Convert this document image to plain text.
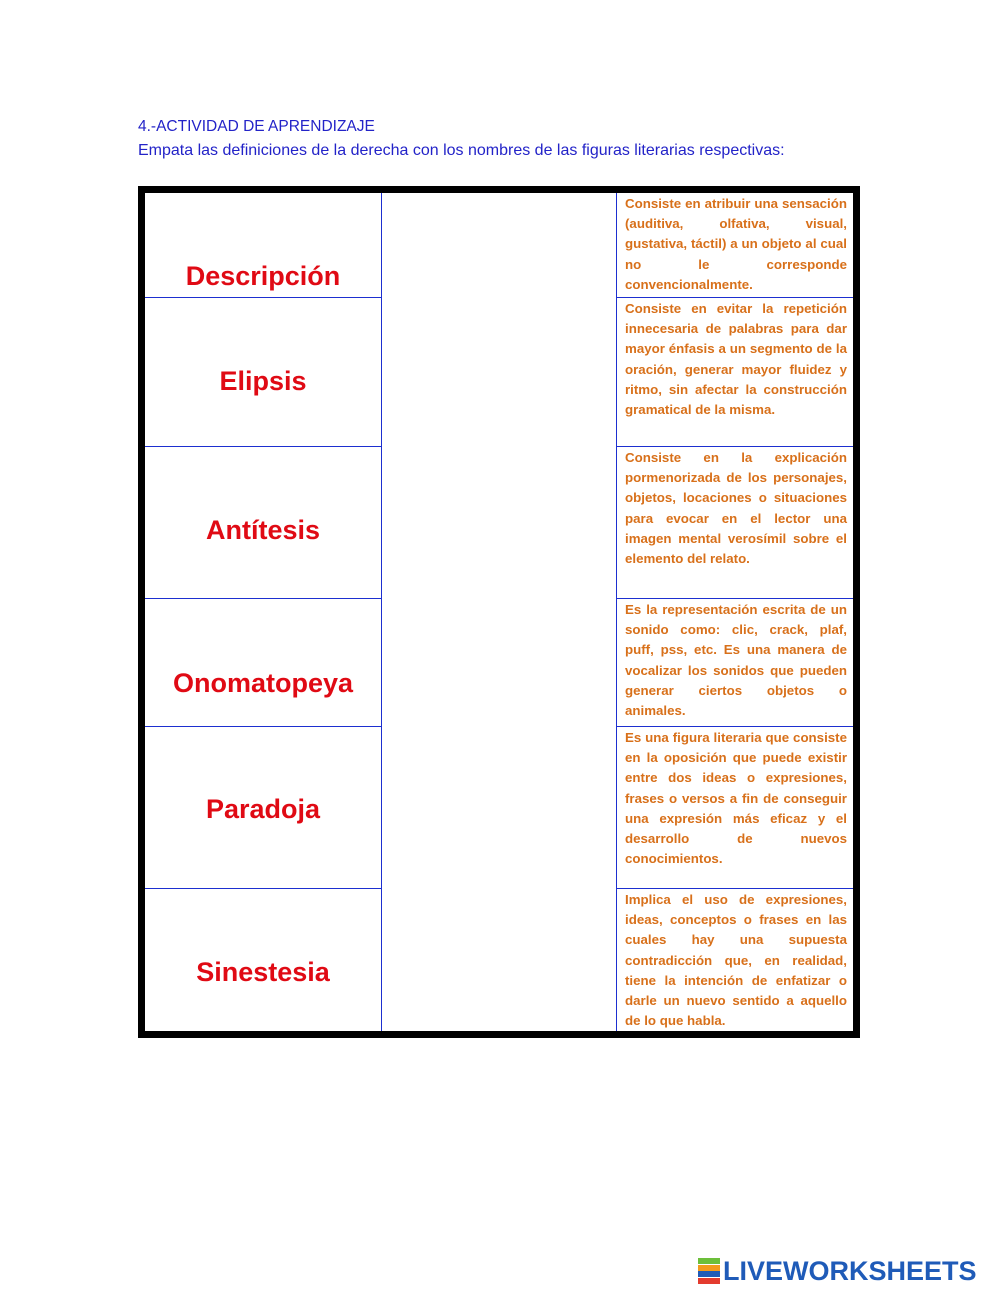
4.-ACTIVIDAD DE APRENDIZAJE
Empata las definiciones de la derecha con los nombres de las figuras literarias respectivas:
Descripción
Elipsis
Antítesis
Onomatopeya
Paradoja
Sinestesia

Consiste en atribuir una sensación (auditiva, olfativa, visual, gustativa, táctil) a un objeto al cual no le corresponde convencionalmente.

Consiste en evitar la repetición innecesaria de palabras para dar mayor énfasis a un segmento de la oración, generar mayor fluidez y ritmo, sin afectar la construcción gramatical de la misma.

Consiste en la explicación pormenorizada de los personajes, objetos, locaciones o situaciones para evocar en el lector una imagen mental verosímil sobre el elemento del relato.

Es la representación escrita de un sonido como: clic, crack, plaf, puff, pss, etc. Es una manera de vocalizar los sonidos que pueden generar ciertos objetos o animales.

Es una figura literaria que consiste en la oposición que puede existir entre dos ideas o expresiones, frases o versos a fin de conseguir una expresión más eficaz y el desarrollo de nuevos conocimientos.

Implica el uso de expresiones, ideas, conceptos o frases en las cuales hay una supuesta contradicción que, en realidad, tiene la intención de enfatizar o darle un nuevo sentido a aquello de lo que habla.

LIVEWORKSHEETS
